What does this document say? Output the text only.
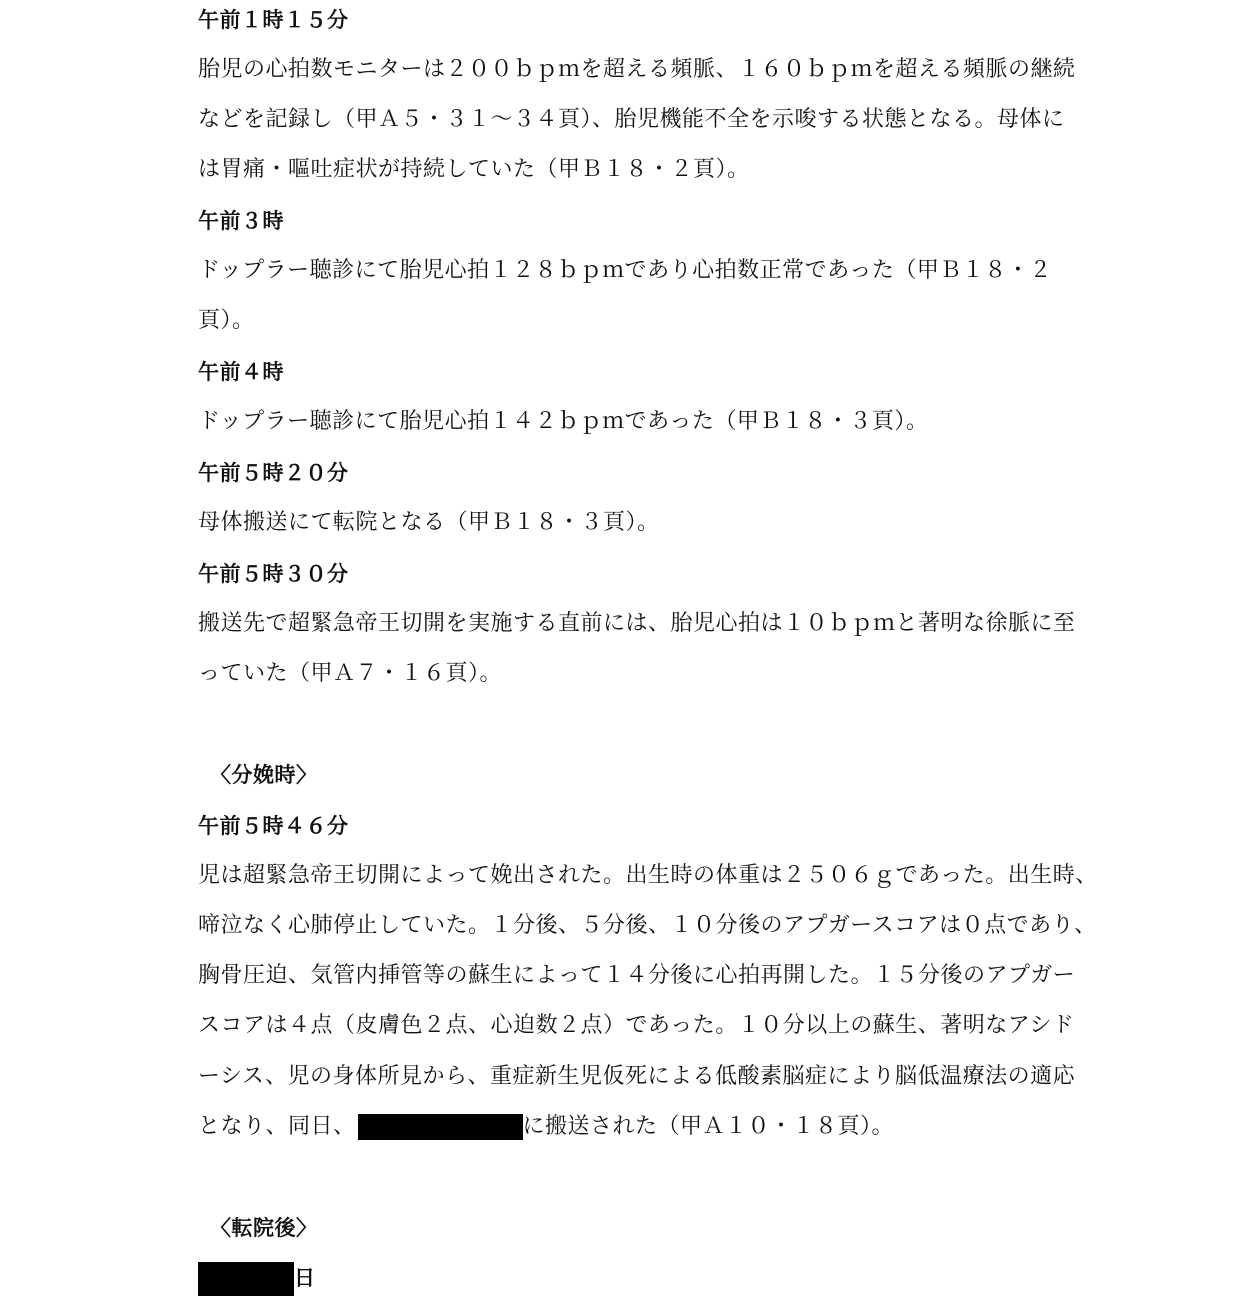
午前１時１５分
胎児の心拍数モニターは２００ｂｐｍを超える頻脈、１６０ｂｐｍを超える頻脈の継続
などを記録し（甲Ａ５・３１～３４頁）、胎児機能不全を示唆する状態となる。母体に
は胃痛・嘔吐症状が持続していた（甲Ｂ１８・２頁）。
午前３時
ドップラー聴診にて胎児心拍１２８ｂｐｍであり心拍数正常であった（甲Ｂ１８・２
頁）。
午前４時
ドップラー聴診にて胎児心拍１４２ｂｐｍであった（甲Ｂ１８・３頁）。
午前５時２０分
母体搬送にて転院となる（甲Ｂ１８・３頁）。
午前５時３０分
搬送先で超緊急帝王切開を実施する直前には、胎児心拍は１０ｂｐｍと著明な徐脈に至
っていた（甲Ａ７・１６頁）。
〈分娩時〉
午前５時４６分
児は超緊急帝王切開によって娩出された。出生時の体重は２５０６ｇであった。出生時、
啼泣なく心肺停止していた。１分後、５分後、１０分後のアプガースコアは０点であり、
胸骨圧迫、気管内挿管等の蘇生によって１４分後に心拍再開した。１５分後のアプガー
スコアは４点（皮膚色２点、心迫数２点）であった。１０分以上の蘇生、著明なアシド
ーシス、児の身体所見から、重症新生児仮死による低酸素脳症により脳低温療法の適応
となり、同日、	に搬送された（甲Ａ１０・１８頁）。
〈転院後〉
日
